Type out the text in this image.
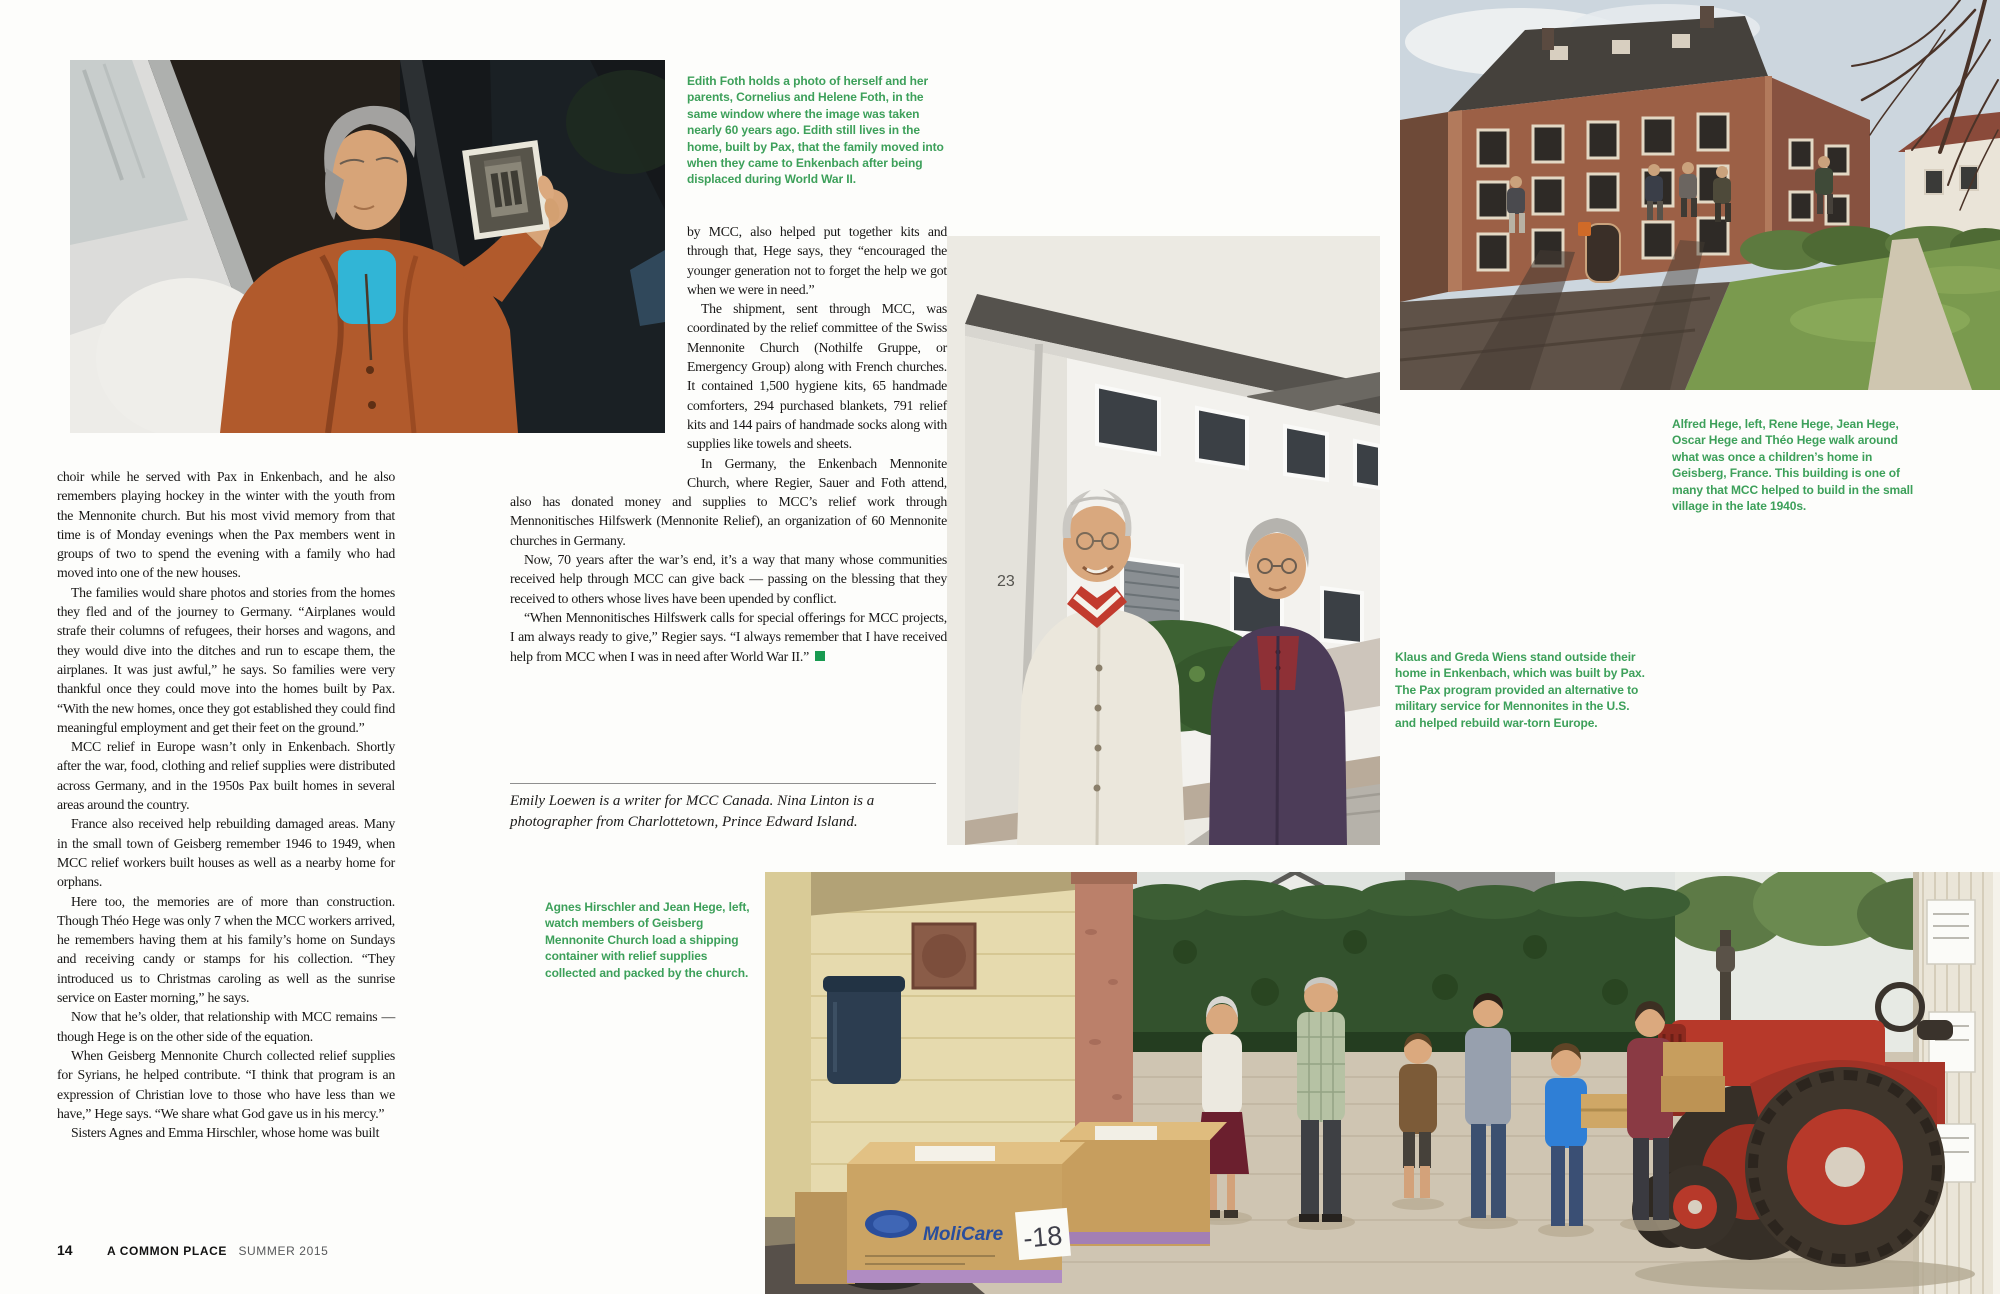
23
MoliCare -18
Edith Foth holds a photo of herself and her parents, Cornelius and Helene Foth, in the same window where the image was taken nearly 60 years ago. Edith still lives in the home, built by Pax, that the family moved into when they came to Enkenbach after being displaced during World War II.
Alfred Hege, left, Rene Hege, Jean Hege, Oscar Hege and Théo Hege walk around what was once a children’s home in Geisberg, France. This building is one of many that MCC helped to build in the small village in the late 1940s.
Klaus and Greda Wiens stand outside their home in Enkenbach, which was built by Pax. The Pax program provided an alternative to military service for Mennonites in the U.S. and helped rebuild war-torn Europe.
Agnes Hirschler and Jean Hege, left, watch members of Geisberg Mennonite Church load a shipping container with relief supplies collected and packed by the church.

choir while he served with Pax in Enkenbach, and he also remembers playing hockey in the winter with the youth from the Mennonite church. But his most vivid memory from that time is of Monday evenings when the Pax members went in groups of two to spend the evening with a family who had moved into one of the new houses.

The families would share photos and stories from the homes they fled and of the journey to Germany. “Airplanes would strafe their columns of refugees, their horses and wagons, and they would dive into the ditches and run to escape them, the airplanes. It was just awful,” he says. So families were very thankful once they could move into the homes built by Pax. “With the new homes, once they got established they could find meaningful employment and get their feet on the ground.”

MCC relief in Europe wasn’t only in Enkenbach. Shortly after the war, food, clothing and relief supplies were distributed across Germany, and in the 1950s Pax built homes in several areas around the country.

France also received help rebuilding damaged areas. Many in the small town of Geisberg remember 1946 to 1949, when MCC relief workers built houses as well as a nearby home for orphans.

Here too, the memories are of more than construction. Though Théo Hege was only 7 when the MCC workers arrived, he remembers having them at his family’s home on Sundays and receiving candy or stamps for his collection. “They introduced us to Christmas caroling as well as the sunrise service on Easter morning,” he says.

Now that he’s older, that relationship with MCC remains — though Hege is on the other side of the equation.

When Geisberg Mennonite Church collected relief supplies for Syrians, he helped contribute. “I think that program is an expression of Christian love to those who have less than we have,” Hege says. “We share what God gave us in his mercy.”

Sisters Agnes and Emma Hirschler, whose home was built

by MCC, also helped put together kits and through that, Hege says, they “encouraged the younger generation not to forget the help we got when we were in need.”

The shipment, sent through MCC, was coordinated by the relief committee of the Swiss Mennonite Church (Nothilfe Gruppe, or Emergency Group) along with French churches. It contained 1,500 hygiene kits, 65 handmade comforters, 294 purchased blankets, 791 relief kits and 144 pairs of handmade socks along with supplies like towels and sheets.

In Germany, the Enkenbach Mennonite Church, where Regier, Sauer and Foth attend, also has donated money and supplies to MCC’s relief work through Mennonitisches Hilfswerk (Mennonite Relief), an organization of 60 Mennonite churches in Germany.

Now, 70 years after the war’s end, it’s a way that many whose communities received help through MCC can give back — passing on the blessing that they received to others whose lives have been upended by conflict.

“When Mennonitisches Hilfswerk calls for special offerings for MCC projects, I am always ready to give,” Regier says. “I always remember that I have received help from MCC when I was in need after World War II.”

Emily Loewen is a writer for MCC Canada. Nina Linton is a photographer from Charlottetown, Prince Edward Island.

14	A COMMON PLACE SUMMER 2015
